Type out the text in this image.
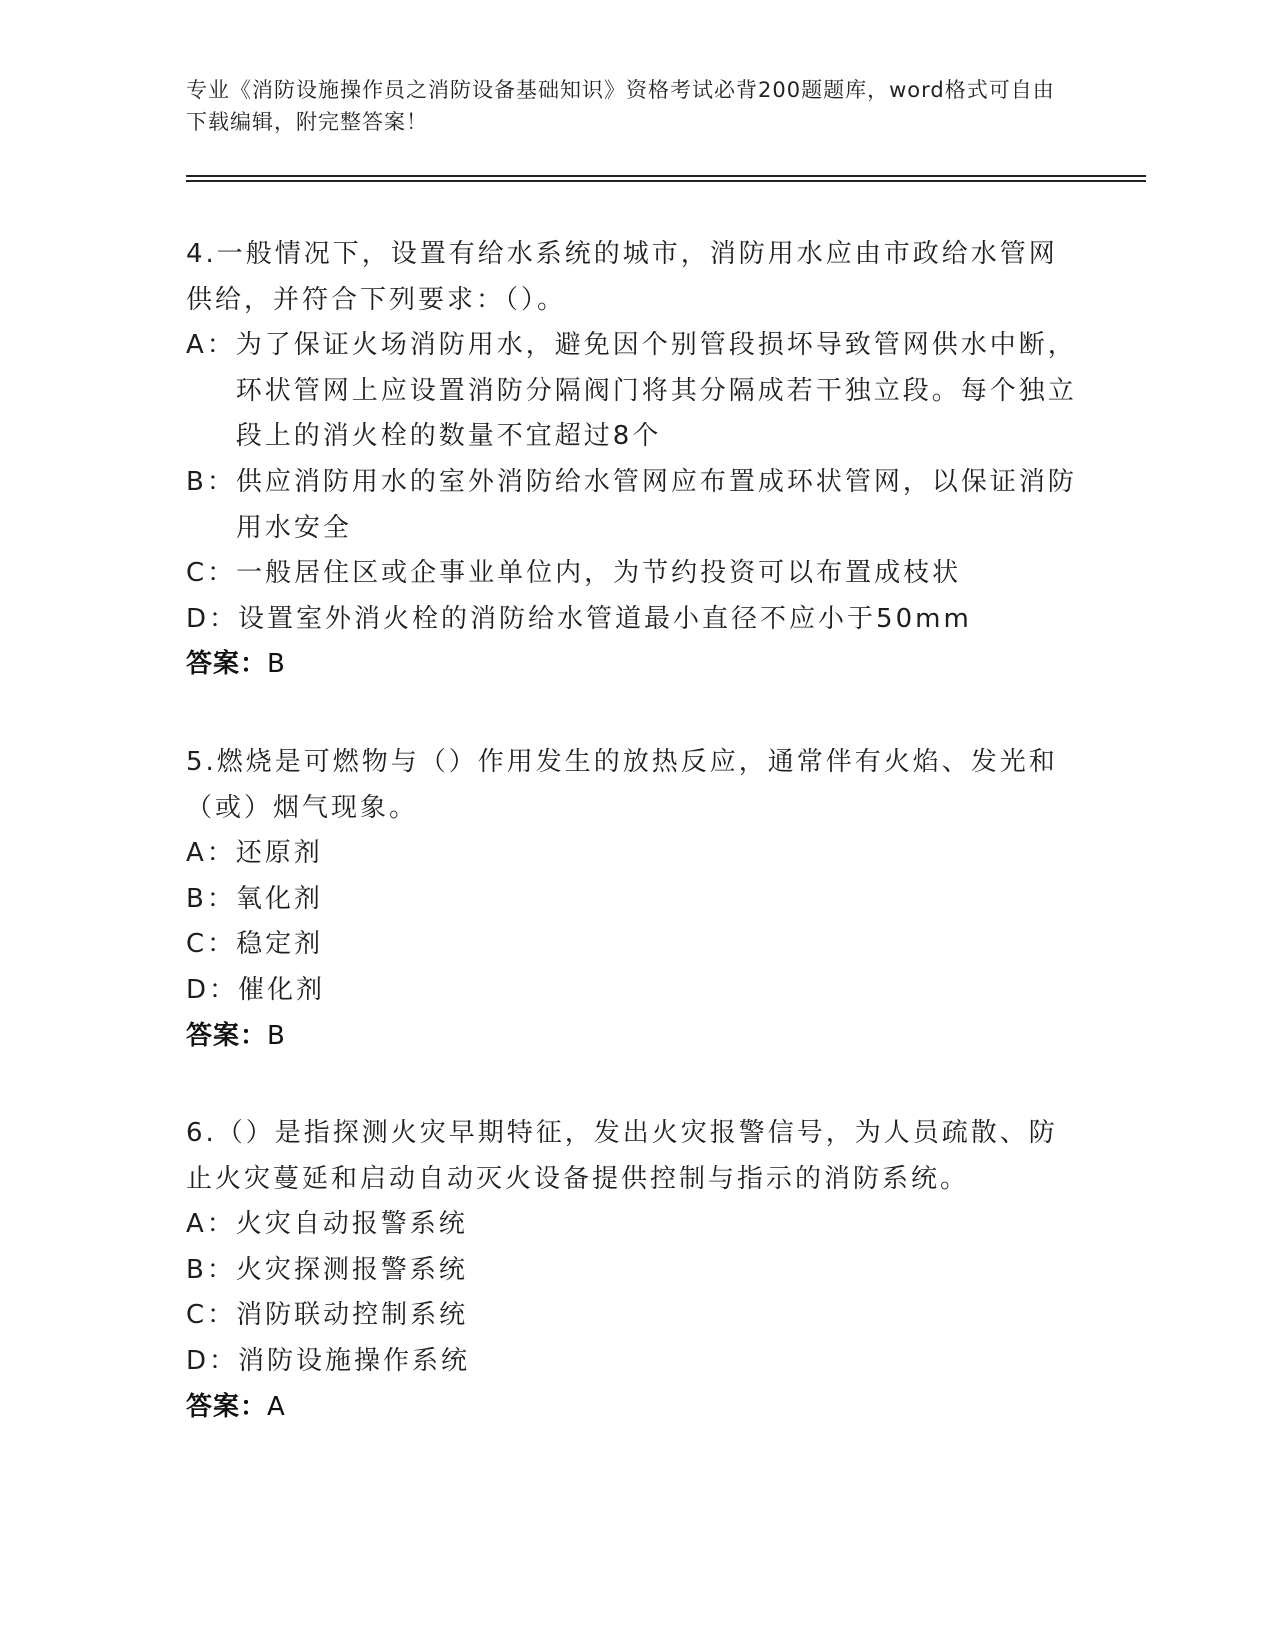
专业《消防设施操作员之消防设备基础知识》资格考试必背200题题库，word格式可自由下载编辑，附完整答案！
4.一般情况下，设置有给水系统的城市，消防用水应由市政给水管网供给，并符合下列要求：（）。
A： 为了保证火场消防用水，避免因个别管段损坏导致管网供水中断，环状管网上应设置消防分隔阀门将其分隔成若干独立段。每个独立段上的消火栓的数量不宜超过8个
B： 供应消防用水的室外消防给水管网应布置成环状管网，以保证消防用水安全
C： 一般居住区或企事业单位内，为节约投资可以布置成枝状
D： 设置室外消火栓的消防给水管道最小直径不应小于50mm
答案：B
5.燃烧是可燃物与（）作用发生的放热反应，通常伴有火焰、发光和（或）烟气现象。
A： 还原剂
B： 氧化剂
C： 稳定剂
D： 催化剂
答案：B
6.（）是指探测火灾早期特征，发出火灾报警信号，为人员疏散、防止火灾蔓延和启动自动灭火设备提供控制与指示的消防系统。
A： 火灾自动报警系统
B： 火灾探测报警系统
C： 消防联动控制系统
D： 消防设施操作系统
答案：A
